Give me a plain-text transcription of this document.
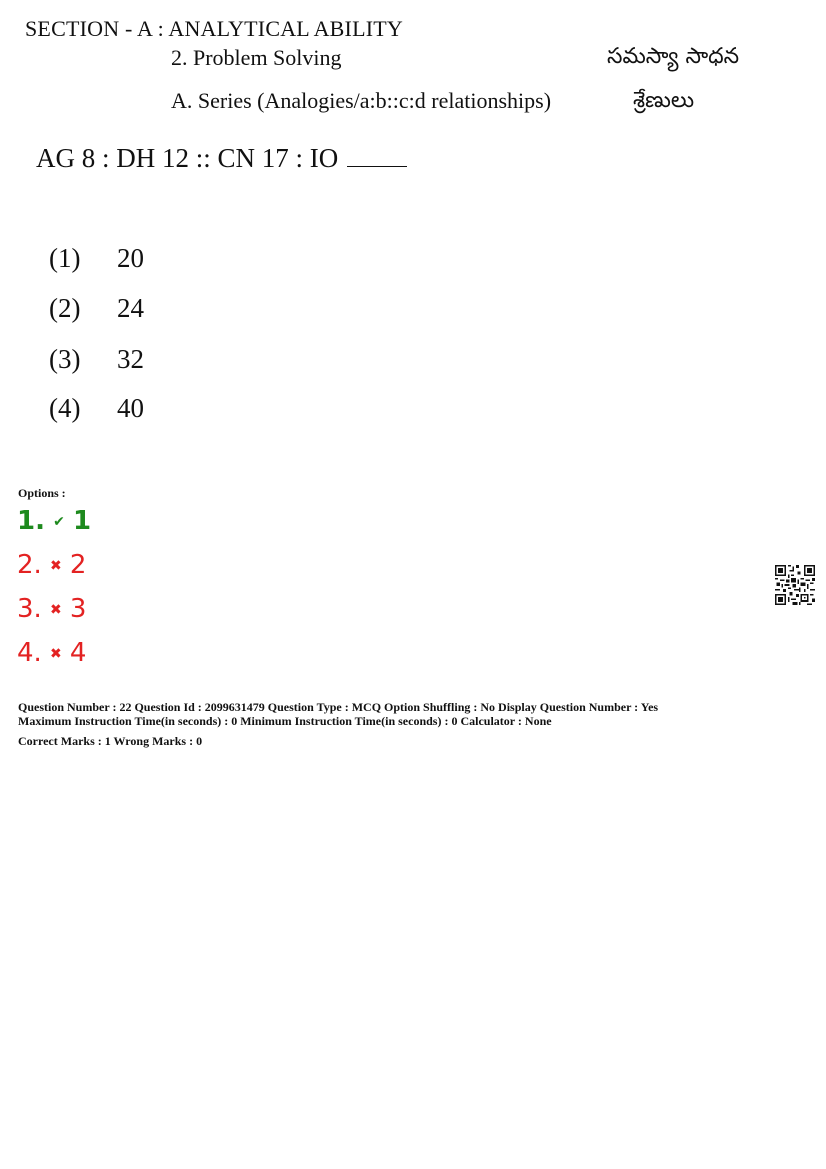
SECTION - A : ANALYTICAL ABILITY
2. Problem Solving	సమస్యా సాధన
A. Series (Analogies/a:b::c:d relationships)	శ్రేణులు
AG 8 : DH 12 :: CN 17 : IO
(1) 20
(2) 24
(3) 32
(4) 40
Options :
1. ✔ 1
2. ✖ 2
3. ✖ 3
4. ✖ 4
Question Number : 22 Question Id : 2099631479 Question Type : MCQ Option Shuffling : No Display Question Number : Yes
Maximum Instruction Time(in seconds) : 0 Minimum Instruction Time(in seconds) : 0 Calculator : None
Correct Marks : 1 Wrong Marks : 0
